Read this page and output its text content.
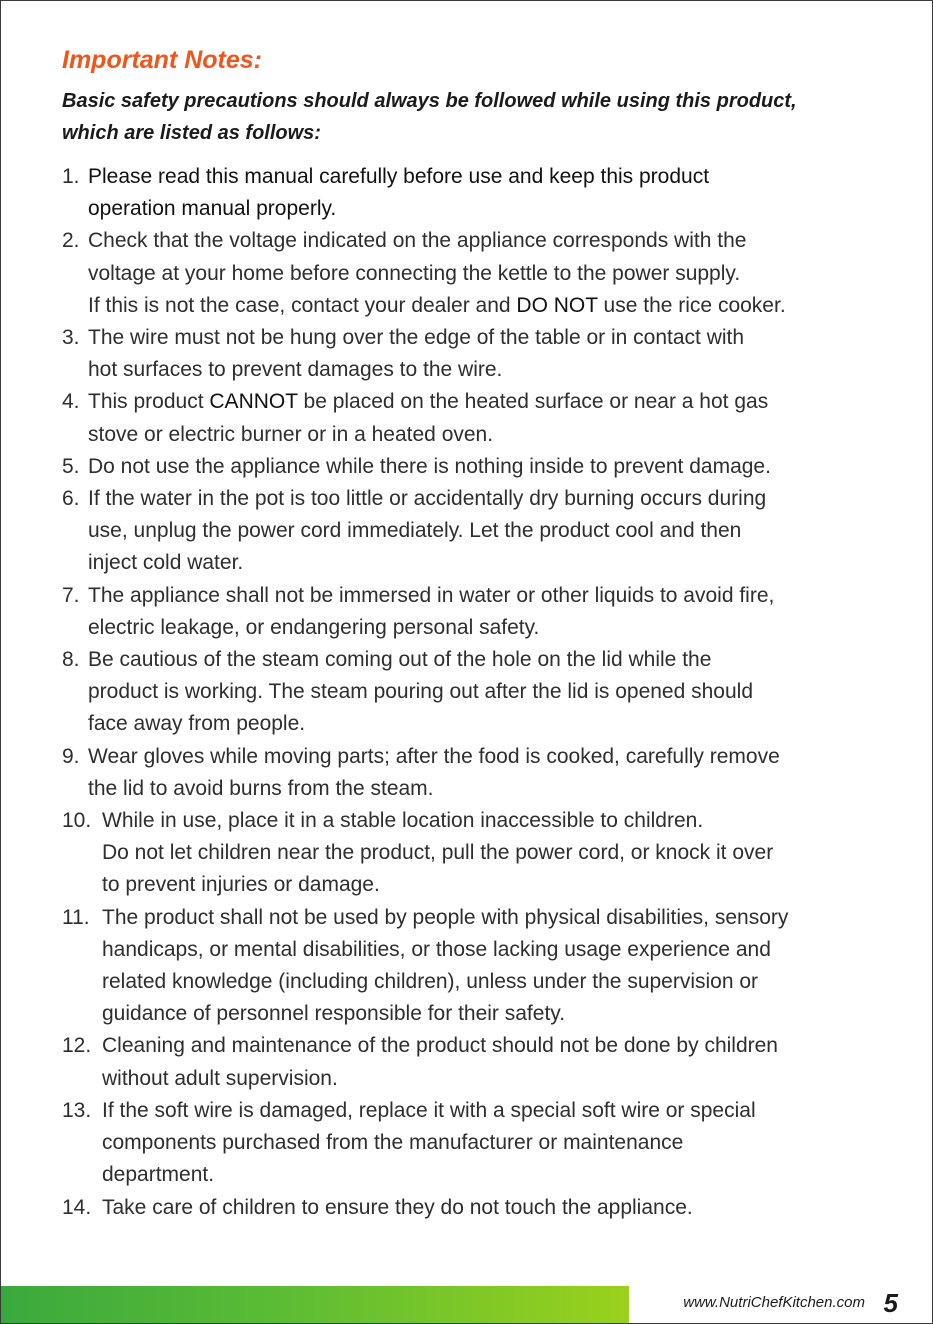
Important Notes:
Basic safety precautions should always be followed while using this product,
which are listed as follows:
1. Please read this manual carefully before use and keep this product
operation manual properly.
2. Check that the voltage indicated on the appliance corresponds with the
voltage at your home before connecting the kettle to the power supply.
If this is not the case, contact your dealer and DO NOT use the rice cooker.
3. The wire must not be hung over the edge of the table or in contact with
hot surfaces to prevent damages to the wire.
4. This product CANNOT be placed on the heated surface or near a hot gas
stove or electric burner or in a heated oven.
5. Do not use the appliance while there is nothing inside to prevent damage.
6. If the water in the pot is too little or accidentally dry burning occurs during
use, unplug the power cord immediately. Let the product cool and then
inject cold water.
7. The appliance shall not be immersed in water or other liquids to avoid fire,
electric leakage, or endangering personal safety.
8. Be cautious of the steam coming out of the hole on the lid while the
product is working. The steam pouring out after the lid is opened should
face away from people.
9. Wear gloves while moving parts; after the food is cooked, carefully remove
the lid to avoid burns from the steam.
10. While in use, place it in a stable location inaccessible to children.
Do not let children near the product, pull the power cord, or knock it over
to prevent injuries or damage.
11. The product shall not be used by people with physical disabilities, sensory
handicaps, or mental disabilities, or those lacking usage experience and
related knowledge (including children), unless under the supervision or
guidance of personnel responsible for their safety.
12. Cleaning and maintenance of the product should not be done by children
without adult supervision.
13. If the soft wire is damaged, replace it with a special soft wire or special
components purchased from the manufacturer or maintenance
department.
14. Take care of children to ensure they do not touch the appliance.
www.NutriChefKitchen.com 5
